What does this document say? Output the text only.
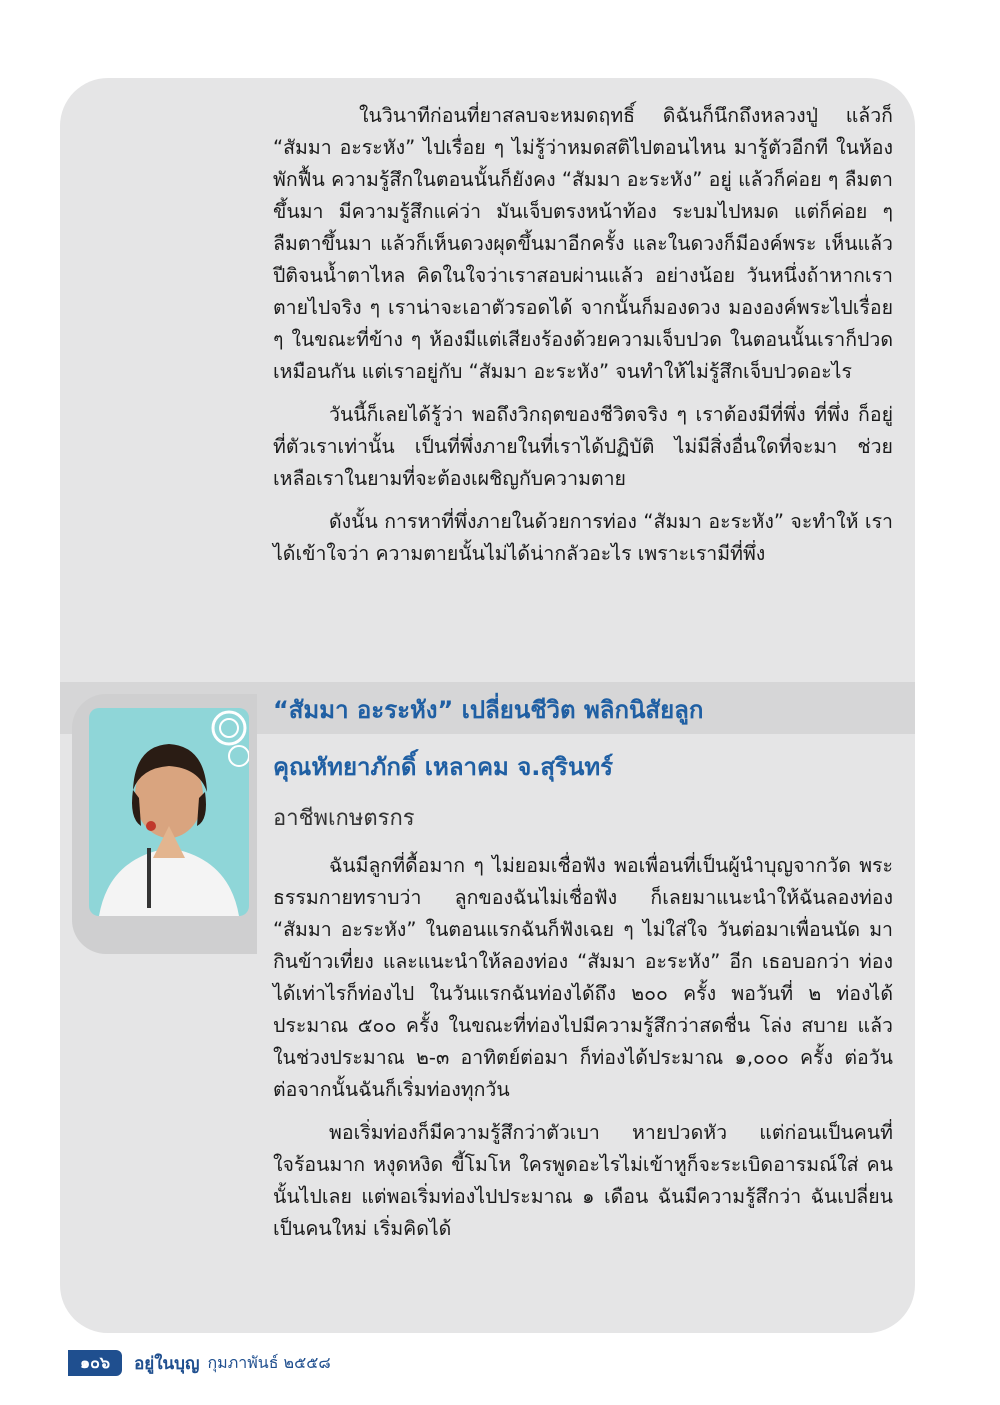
ในวินาทีก่อนที่ยาสลบจะหมดฤทธิ์ ดิฉันก็นึกถึงหลวงปู่ แล้วก็ “สัมมา อะระหัง” ไปเรื่อย ๆ ไม่รู้ว่าหมดสติไปตอนไหน มารู้ตัวอีกที ในห้องพักฟื้น ความรู้สึกในตอนนั้นก็ยังคง “สัมมา อะระหัง” อยู่ แล้วก็ค่อย ๆ ลืมตาขึ้นมา มีความรู้สึกแค่ว่า มันเจ็บตรงหน้าท้อง ระบมไปหมด แต่ก็ค่อย ๆ ลืมตาขึ้นมา แล้วก็เห็นดวงผุดขึ้นมาอีกครั้ง และในดวงก็มีองค์พระ เห็นแล้วปีติจนน้ำตาไหล คิดในใจว่าเราสอบผ่านแล้ว อย่างน้อย วันหนึ่งถ้าหากเราตายไปจริง ๆ เราน่าจะเอาตัวรอดได้ จากนั้นก็มองดวง มององค์พระไปเรื่อย ๆ ในขณะที่ข้าง ๆ ห้องมีแต่เสียงร้องด้วยความเจ็บปวด ในตอนนั้นเราก็ปวดเหมือนกัน แต่เราอยู่กับ “สัมมา อะระหัง” จนทำให้ไม่รู้สึกเจ็บปวดอะไร

วันนี้ก็เลยได้รู้ว่า พอถึงวิกฤตของชีวิตจริง ๆ เราต้องมีที่พึ่ง ที่พึ่ง ก็อยู่ที่ตัวเราเท่านั้น เป็นที่พึ่งภายในที่เราได้ปฏิบัติ ไม่มีสิ่งอื่นใดที่จะมา ช่วยเหลือเราในยามที่จะต้องเผชิญกับความตาย

ดังนั้น การหาที่พึ่งภายในด้วยการท่อง “สัมมา อะระหัง” จะทำให้ เราได้เข้าใจว่า ความตายนั้นไม่ได้น่ากลัวอะไร เพราะเรามีที่พึ่ง

“สัมมา อะระหัง” เปลี่ยนชีวิต พลิกนิสัยลูก
คุณหัทยาภักดิ์ เหลาคม จ.สุรินทร์
อาชีพเกษตรกร

ฉันมีลูกที่ดื้อมาก ๆ ไม่ยอมเชื่อฟัง พอเพื่อนที่เป็นผู้นำบุญจากวัด พระธรรมกายทราบว่า ลูกของฉันไม่เชื่อฟัง ก็เลยมาแนะนำให้ฉันลองท่อง “สัมมา อะระหัง” ในตอนแรกฉันก็ฟังเฉย ๆ ไม่ใส่ใจ วันต่อมาเพื่อนนัด มากินข้าวเที่ยง และแนะนำให้ลองท่อง “สัมมา อะระหัง” อีก เธอบอกว่า ท่องได้เท่าไรก็ท่องไป ในวันแรกฉันท่องได้ถึง ๒๐๐ ครั้ง พอวันที่ ๒ ท่องได้ประมาณ ๕๐๐ ครั้ง ในขณะที่ท่องไปมีความรู้สึกว่าสดชื่น โล่ง สบาย แล้วในช่วงประมาณ ๒-๓ อาทิตย์ต่อมา ก็ท่องได้ประมาณ ๑,๐๐๐ ครั้ง ต่อวัน ต่อจากนั้นฉันก็เริ่มท่องทุกวัน

พอเริ่มท่องก็มีความรู้สึกว่าตัวเบา หายปวดหัว แต่ก่อนเป็นคนที่ ใจร้อนมาก หงุดหงิด ขี้โมโห ใครพูดอะไรไม่เข้าหูก็จะระเบิดอารมณ์ใส่ คนนั้นไปเลย แต่พอเริ่มท่องไปประมาณ ๑ เดือน ฉันมีความรู้สึกว่า ฉันเปลี่ยนเป็นคนใหม่ เริ่มคิดได้

๑๐๖	อยู่ในบุญ กุมภาพันธ์ ๒๕๕๘
